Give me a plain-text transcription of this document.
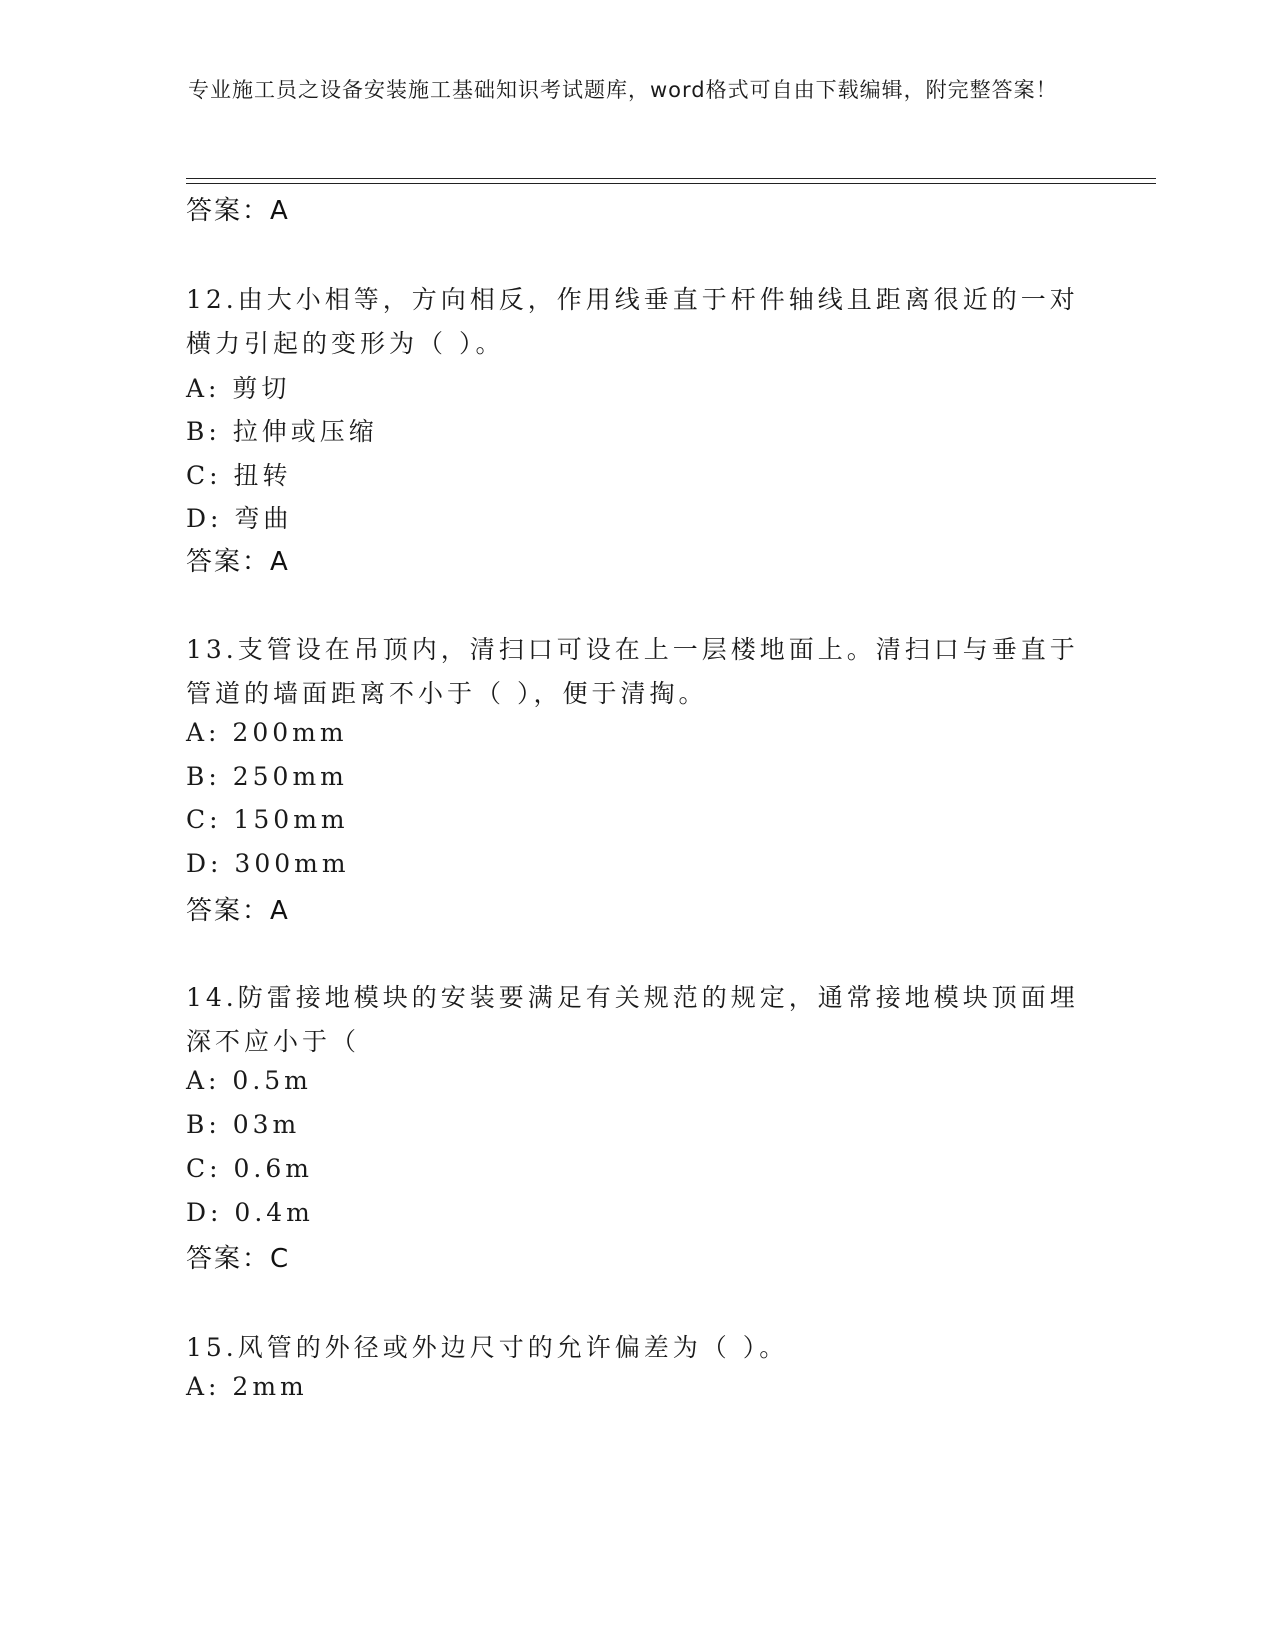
专业施工员之设备安装施工基础知识考试题库，word格式可自由下载编辑，附完整答案！
答案：A
12.由大小相等，方向相反，作用线垂直于杆件轴线且距离很近的一对
横力引起的变形为（ ）。
A: 剪切
B: 拉伸或压缩
C: 扭转
D: 弯曲
答案：A
13.支管设在吊顶内，清扫口可设在上一层楼地面上。清扫口与垂直于
管道的墙面距离不小于（ ），便于清掏。
A: 200mm
B: 250mm
C: 150mm
D: 300mm
答案：A
14.防雷接地模块的安装要满足有关规范的规定，通常接地模块顶面埋
深不应小于（
A: 0.5m
B: 03m
C: 0.6m
D: 0.4m
答案：C
15.风管的外径或外边尺寸的允许偏差为（ ）。
A: 2mm
